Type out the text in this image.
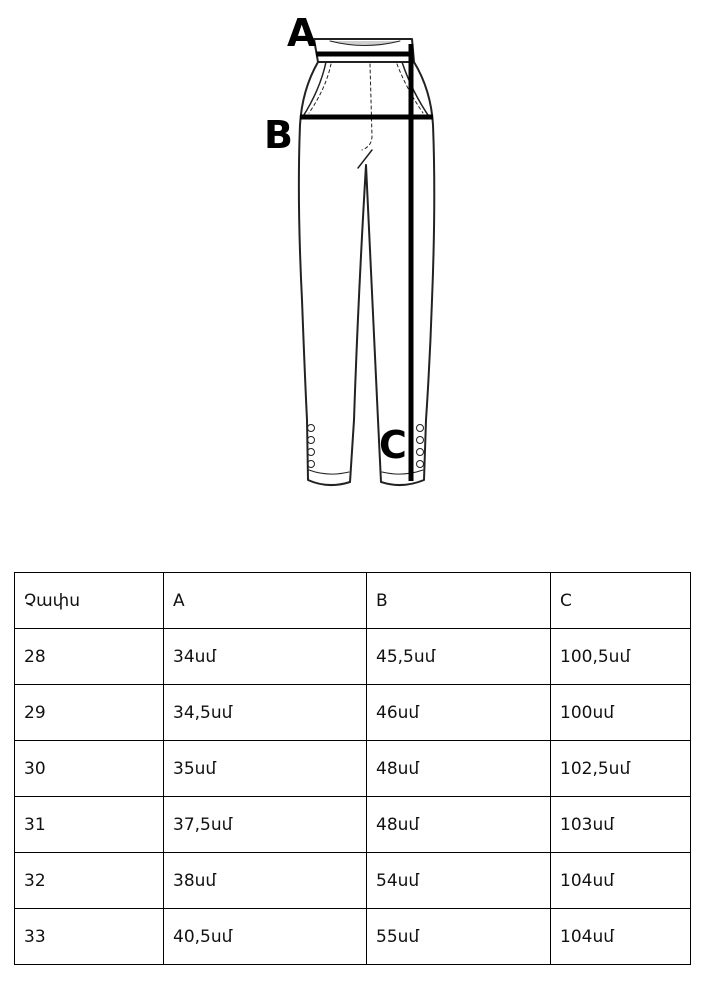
A
B
C
Չափս	A	B	C
28	34սմ	45,5սմ	100,5սմ
29	34,5սմ	46սմ	100սմ
30	35սմ	48սմ	102,5սմ
31	37,5սմ	48սմ	103սմ
32	38սմ	54սմ	104սմ
33	40,5սմ	55սմ	104սմ
